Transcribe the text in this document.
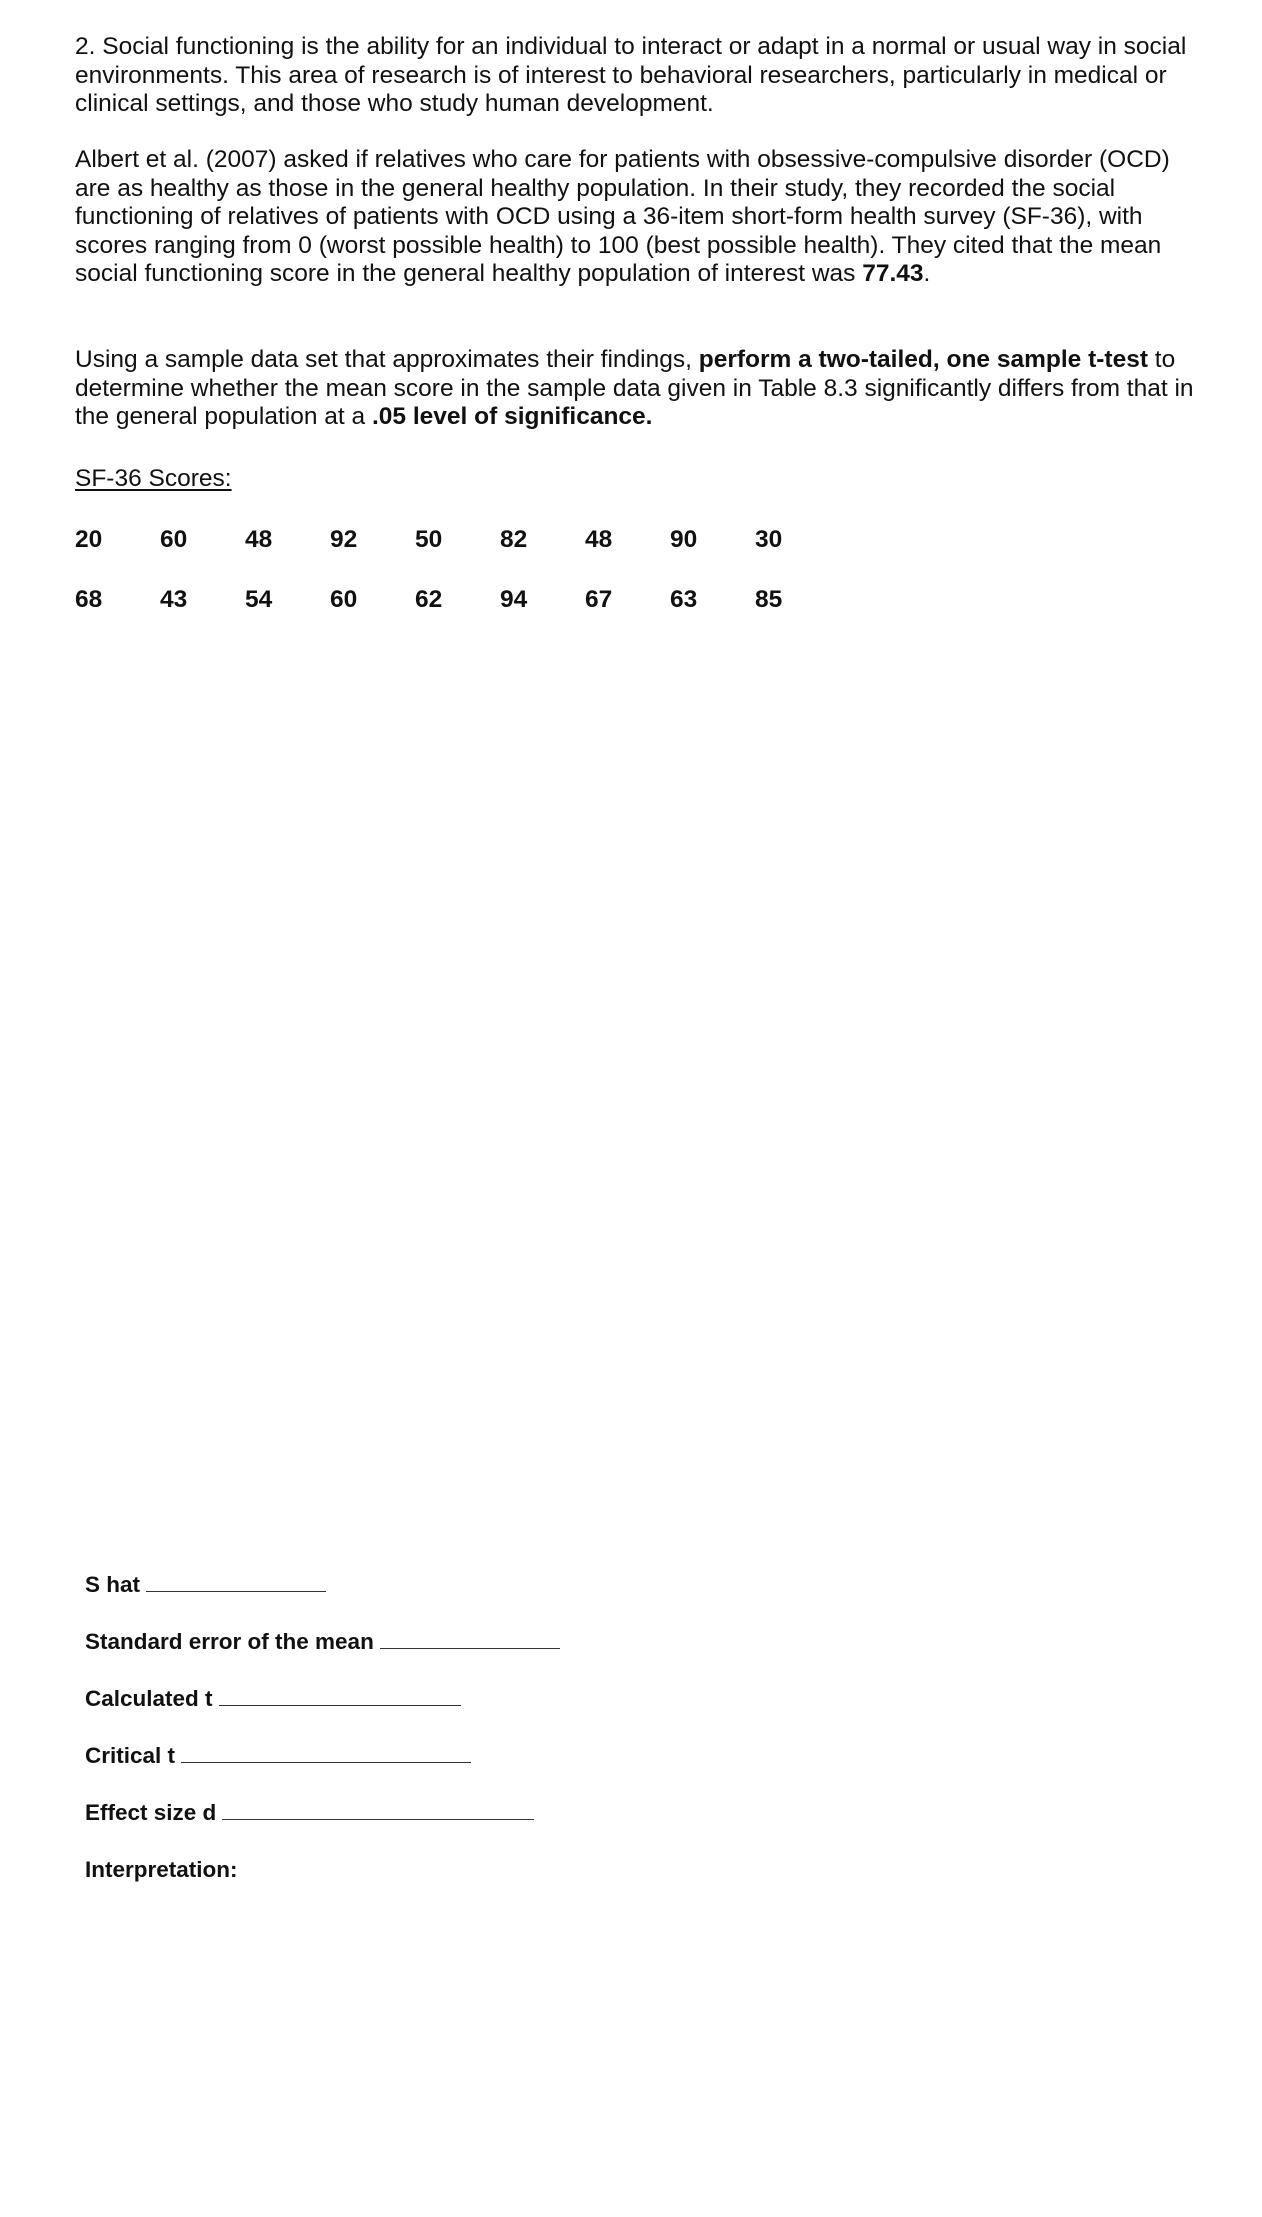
2. Social functioning is the ability for an individual to interact or adapt in a normal or usual way in social environments. This area of research is of interest to behavioral researchers, particularly in medical or clinical settings, and those who study human development.

Albert et al. (2007) asked if relatives who care for patients with obsessive-compulsive disorder (OCD) are as healthy as those in the general healthy population. In their study, they recorded the social functioning of relatives of patients with OCD using a 36-item short-form health survey (SF-36), with scores ranging from 0 (worst possible health) to 100 (best possible health). They cited that the mean social functioning score in the general healthy population of interest was 77.43.

Using a sample data set that approximates their findings, perform a two-tailed, one sample t-test to determine whether the mean score in the sample data given in Table 8.3 significantly differs from that in the general population at a .05 level of significance.

SF-36 Scores:
20	60	48	92	50	82	48	90	30
68	43	54	60	62	94	67	63	85
S hat
Standard error of the mean
Calculated t
Critical t
Effect size d
Interpretation:
